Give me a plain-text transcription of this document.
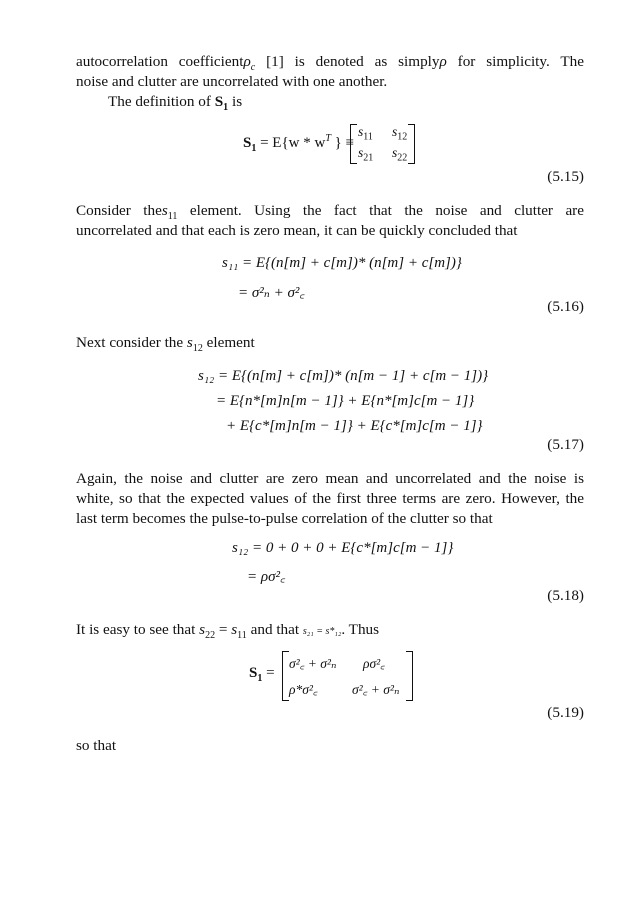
autocorrelation coefficientρ$_c$ [1] is denoted as simplyρ for simplicity. The
noise and clutter are uncorrelated with one another.
The definition of $S_1$ is
$S_1 = E\{w * w^T$ } ≡
$s_{11}$ $s_{12}$
$s_{21}$ $s_{22}$
(5.15)
Consider thes$_{11}$ element. Using the fact that the noise and clutter are
uncorrelated and that each is zero mean, it can be quickly concluded that
s₁₁ = E{(n[m] + c[m])* (n[m] + c[m])}
= σ²ₙ + σ²꜀
(5.16)
Next consider the $s_{12}$ element
s₁₂ = E{(n[m] + c[m])* (n[m − 1] + c[m − 1])}
= E{n*[m]n[m − 1]} + E{n*[m]c[m − 1]}
+ E{c*[m]n[m − 1]} + E{c*[m]c[m − 1]}
(5.17)
Again, the noise and clutter are zero mean and uncorrelated and the noise is
white, so that the expected values of the first three terms are zero. However, the
last term becomes the pulse-to-pulse correlation of the clutter so that
s₁₂ = 0 + 0 + 0 + E{c*[m]c[m − 1]}
= ρσ²꜀
(5.18)
It is easy to see that $s_{22} = s_{11}$ and that s₂₁ = s*₁₂. Thus
$S_1$ =
σ²꜀ + σ²ₙ ρσ²꜀
ρ*σ²꜀	σ²꜀ + σ²ₙ
(5.19)
so that
